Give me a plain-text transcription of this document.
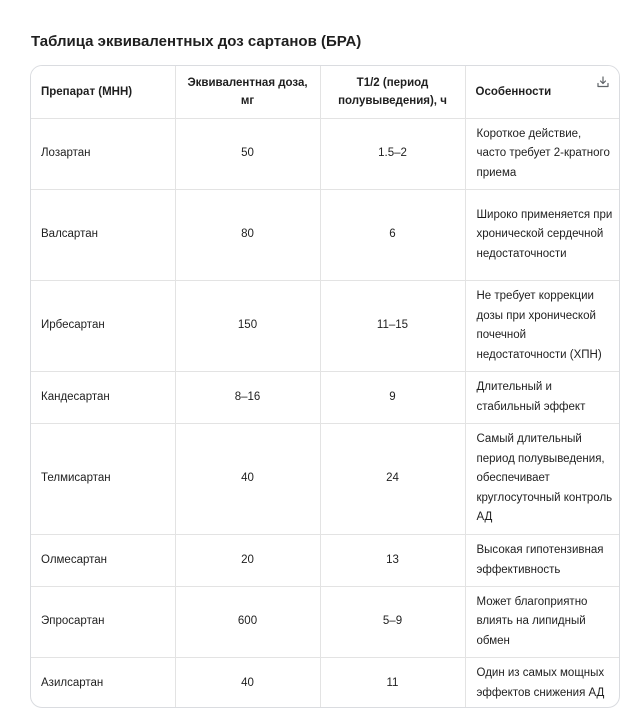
Таблица эквивалентных доз сартанов (БРА)
Препарат (МНН)	Эквивалентная доза, мг	T1/2 (период полувыведения), ч	Особенности

Лозартан	50	1.5–2	Короткое действие, часто требует 2-кратного приема
Валсартан	80	6	Широко применяется при хронической сердечной недостаточности
Ирбесартан	150	11–15	Не требует коррекции дозы при хронической почечной недостаточности (ХПН)
Кандесартан	8–16	9	Длительный и стабильный эффект
Телмисартан	40	24	Самый длительный период полувыведения, обеспечивает круглосуточный контроль АД
Олмесартан	20	13	Высокая гипотензивная эффективность
Эпросартан	600	5–9	Может благоприятно влиять на липидный обмен
Азилсартан	40	11	Один из самых мощных эффектов снижения АД
